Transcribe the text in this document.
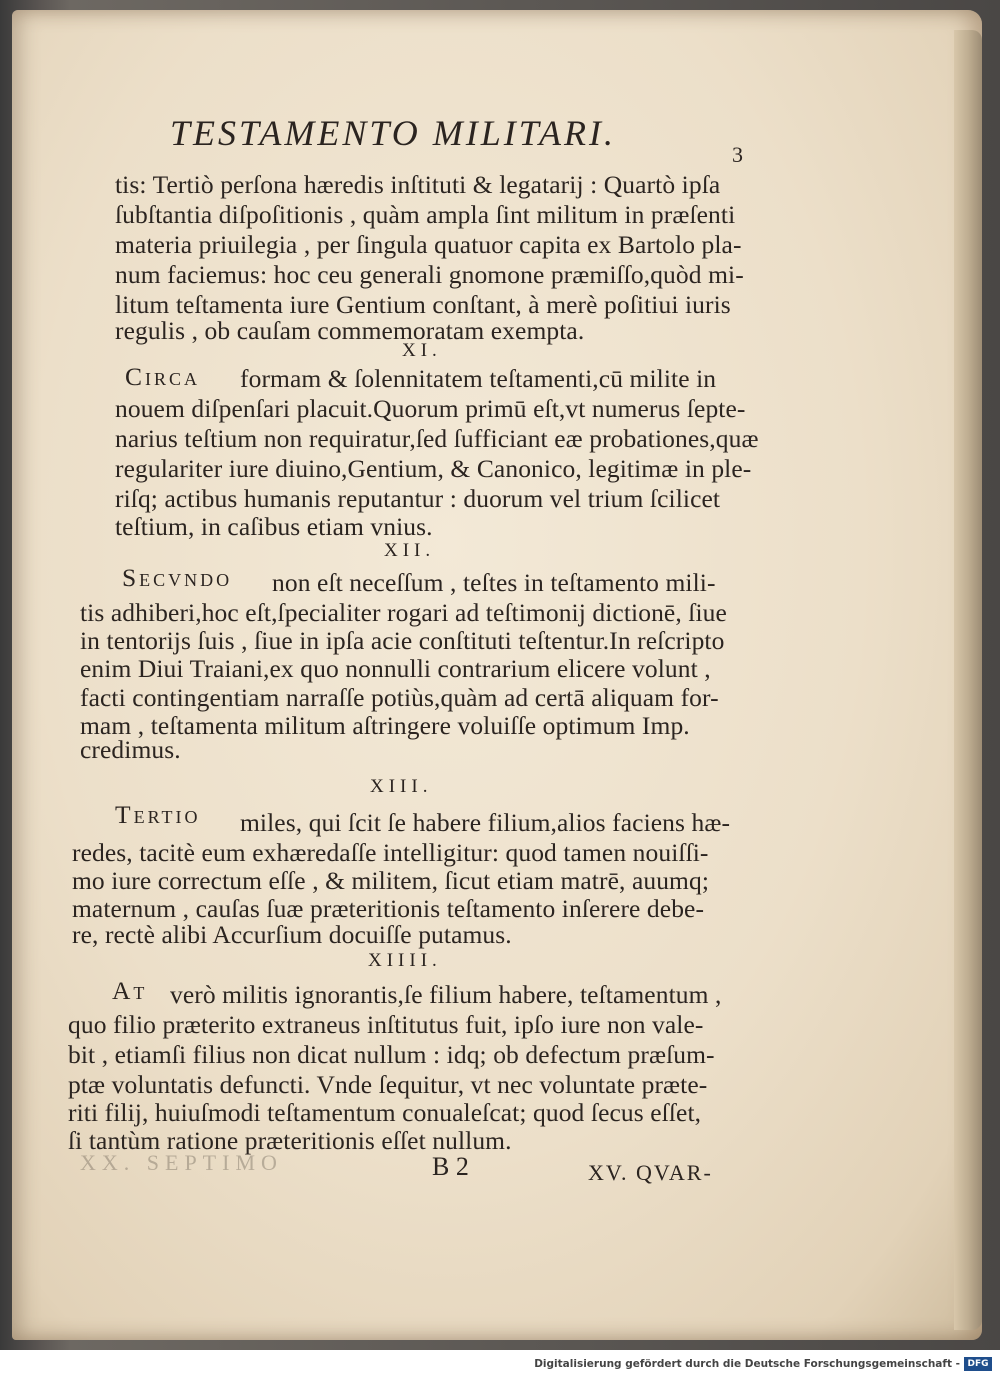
TESTAMENTO MILITARI.
3
tis: Tertiò perſona hæredis inſtituti & legatarij : Quartò ipſa
ſubſtantia diſpoſitionis , quàm ampla ſint militum in præſenti
materia priuilegia , per ſingula quatuor capita ex Bartolo pla-
num faciemus: hoc ceu generali gnomone præmiſſo,quòd mi-
litum teſtamenta iure Gentium conſtant, à merè poſitiui iuris
regulis , ob cauſam commemoratam exempta.
XI.
Circa formam & ſolennitatem teſtamenti,cū milite in
nouem diſpenſari placuit.Quorum primū eſt,vt numerus ſepte-
narius teſtium non requiratur,ſed ſufficiant eæ probationes,quæ
regulariter iure diuino,Gentium, & Canonico, legitimæ in ple-
riſq; actibus humanis reputantur : duorum vel trium ſcilicet
teſtium, in caſibus etiam vnius.
XII.
Secvndo non eſt neceſſum , teſtes in teſtamento mili-
tis adhiberi,hoc eſt,ſpecialiter rogari ad teſtimonij dictionē, ſiue
in tentorijs ſuis , ſiue in ipſa acie conſtituti teſtentur.In reſcripto
enim Diui Traiani,ex quo nonnulli contrarium elicere volunt ,
facti contingentiam narraſſe potiùs,quàm ad certā aliquam for-
mam , teſtamenta militum aſtringere voluiſſe optimum Imp.
credimus.
XIII.
Tertio miles, qui ſcit ſe habere filium,alios faciens hæ-
redes, tacitè eum exhæredaſſe intelligitur: quod tamen nouiſſi-
mo iure correctum eſſe , & militem, ſicut etiam matrē, auumq;
maternum , cauſas ſuæ præteritionis teſtamento inſerere debe-
re, rectè alibi Accurſium docuiſſe putamus.
XIIII.
At verò militis ignorantis,ſe filium habere, teſtamentum ,
quo filio præterito extraneus inſtitutus fuit, ipſo iure non vale-
bit , etiamſi filius non dicat nullum : idq; ob defectum præſum-
ptæ voluntatis defuncti. Vnde ſequitur, vt nec voluntate præte-
riti filij, huiuſmodi teſtamentum conualeſcat; quod ſecus eſſet,
ſi tantùm ratione præteritionis eſſet nullum.
XX. SEPTIMO	B 2	XV. QVAR-
Digitalisierung gefördert durch die Deutsche Forschungsgemeinschaft - DFG
